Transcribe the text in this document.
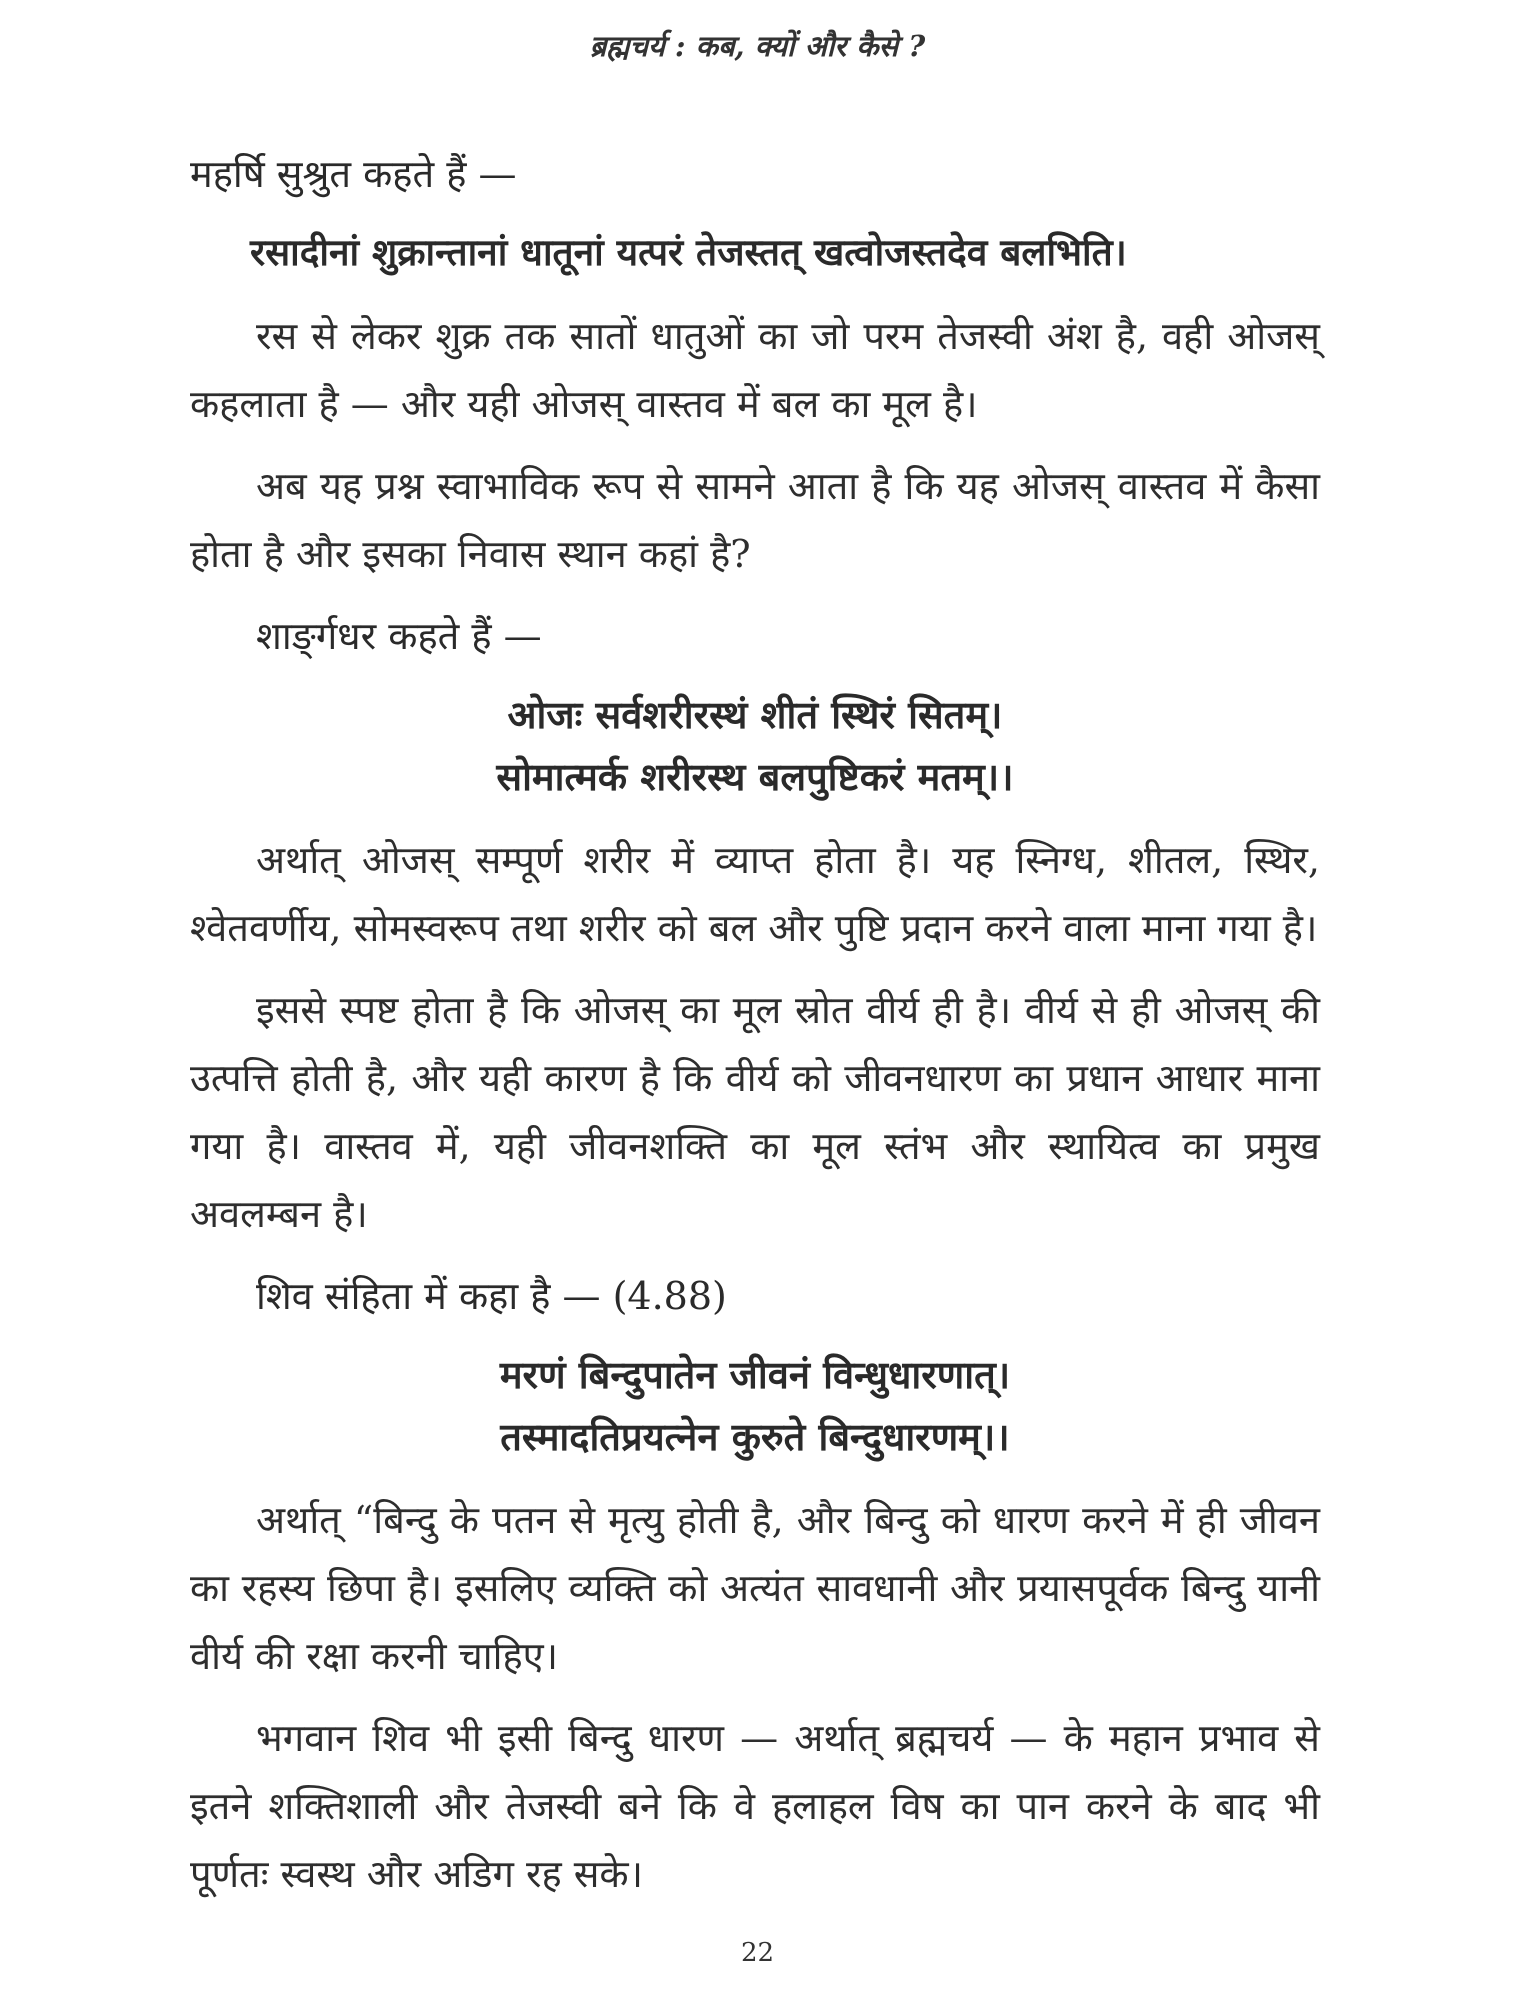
ब्रह्मचर्य : कब, क्यों और कैसे ?
महर्षि सुश्रुत कहते हैं —
रसादीनां शुक्रान्तानां धातूनां यत्परं तेजस्तत् खत्वोजस्तदेव बलभिति।

रस से लेकर शुक्र तक सातों धातुओं का जो परम तेजस्वी अंश है, वही ओजस् कहलाता है — और यही ओजस् वास्तव में बल का मूल है।

अब यह प्रश्न स्वाभाविक रूप से सामने आता है कि यह ओजस् वास्तव में कैसा होता है और इसका निवास स्थान कहां है?

शाङ्‌र्गधर कहते हैं —
ओजः सर्वशरीरस्थं शीतं स्थिरं सितम्।
सोमात्मर्क शरीरस्थ बलपुष्टिकरं मतम्।।

अर्थात् ओजस् सम्पूर्ण शरीर में व्याप्त होता है। यह स्निग्ध, शीतल, स्थिर, श्वेतवर्णीय, सोमस्वरूप तथा शरीर को बल और पुष्टि प्रदान करने वाला माना गया है।

इससे स्पष्ट होता है कि ओजस् का मूल स्रोत वीर्य ही है। वीर्य से ही ओजस् की उत्पत्ति होती है, और यही कारण है कि वीर्य को जीवनधारण का प्रधान आधार माना गया है। वास्तव में, यही जीवनशक्ति का मूल स्तंभ और स्थायित्व का प्रमुख अवलम्बन है।

शिव संहिता में कहा है — (4.88)
मरणं बिन्दुपातेन जीवनं विन्धुधारणात्।
तस्मादतिप्रयत्नेन कुरुते बिन्दुधारणम्।।

अर्थात् “बिन्दु के पतन से मृत्यु होती है, और बिन्दु को धारण करने में ही जीवन का रहस्य छिपा है। इसलिए व्यक्ति को अत्यंत सावधानी और प्रयासपूर्वक बिन्दु यानी वीर्य की रक्षा करनी चाहिए।

भगवान शिव भी इसी बिन्दु धारण — अर्थात् ब्रह्मचर्य — के महान प्रभाव से इतने शक्तिशाली और तेजस्वी बने कि वे हलाहल विष का पान करने के बाद भी पूर्णतः स्वस्थ और अडिग रह सके।

22
